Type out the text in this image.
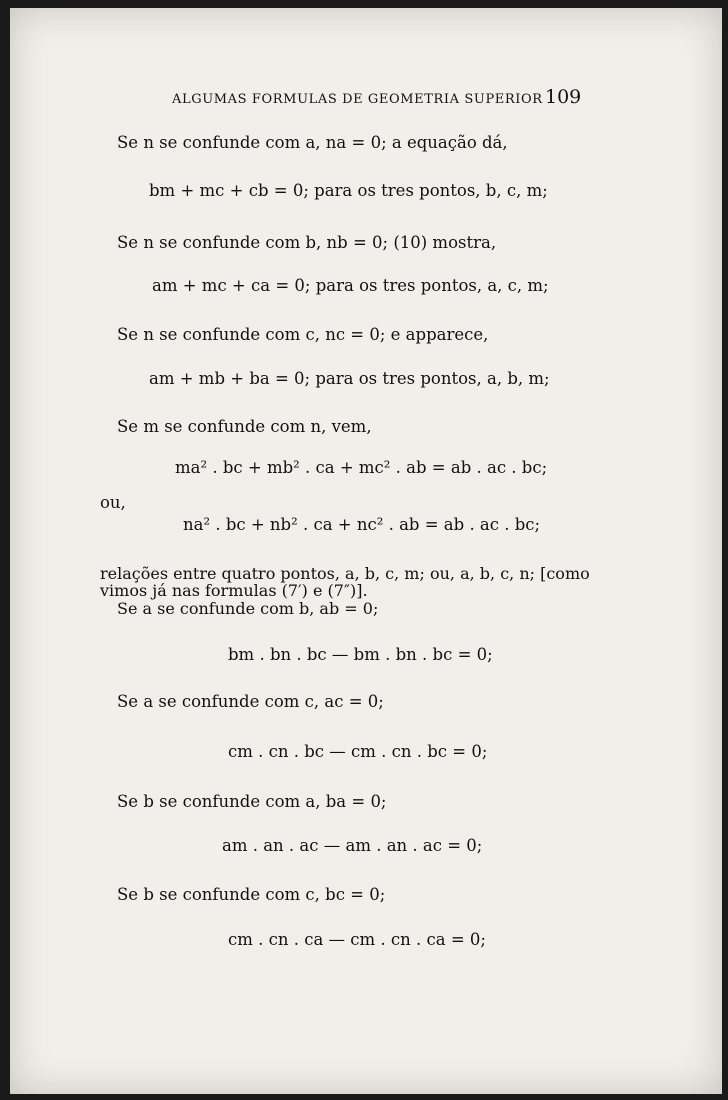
ALGUMAS FORMULAS DE GEOMETRIA SUPERIOR 109
Se n se confunde com a, na = 0; a equação dá,
bm + mc + cb = 0; para os tres pontos, b, c, m;
Se n se confunde com b, nb = 0; (10) mostra,
am + mc + ca = 0; para os tres pontos, a, c, m;
Se n se confunde com c, nc = 0; e apparece,
am + mb + ba = 0; para os tres pontos, a, b, m;
Se m se confunde com n, vem,
ma² . bc + mb² . ca + mc² . ab = ab . ac . bc;
ou,
na² . bc + nb² . ca + nc² . ab = ab . ac . bc;
relações entre quatro pontos, a, b, c, m; ou, a, b, c, n; [como
vimos já nas formulas (7′) e (7″)].
Se a se confunde com b, ab = 0;
bm . bn . bc — bm . bn . bc = 0;
Se a se confunde com c, ac = 0;
cm . cn . bc — cm . cn . bc = 0;
Se b se confunde com a, ba = 0;
am . an . ac — am . an . ac = 0;
Se b se confunde com c, bc = 0;
cm . cn . ca — cm . cn . ca = 0;
